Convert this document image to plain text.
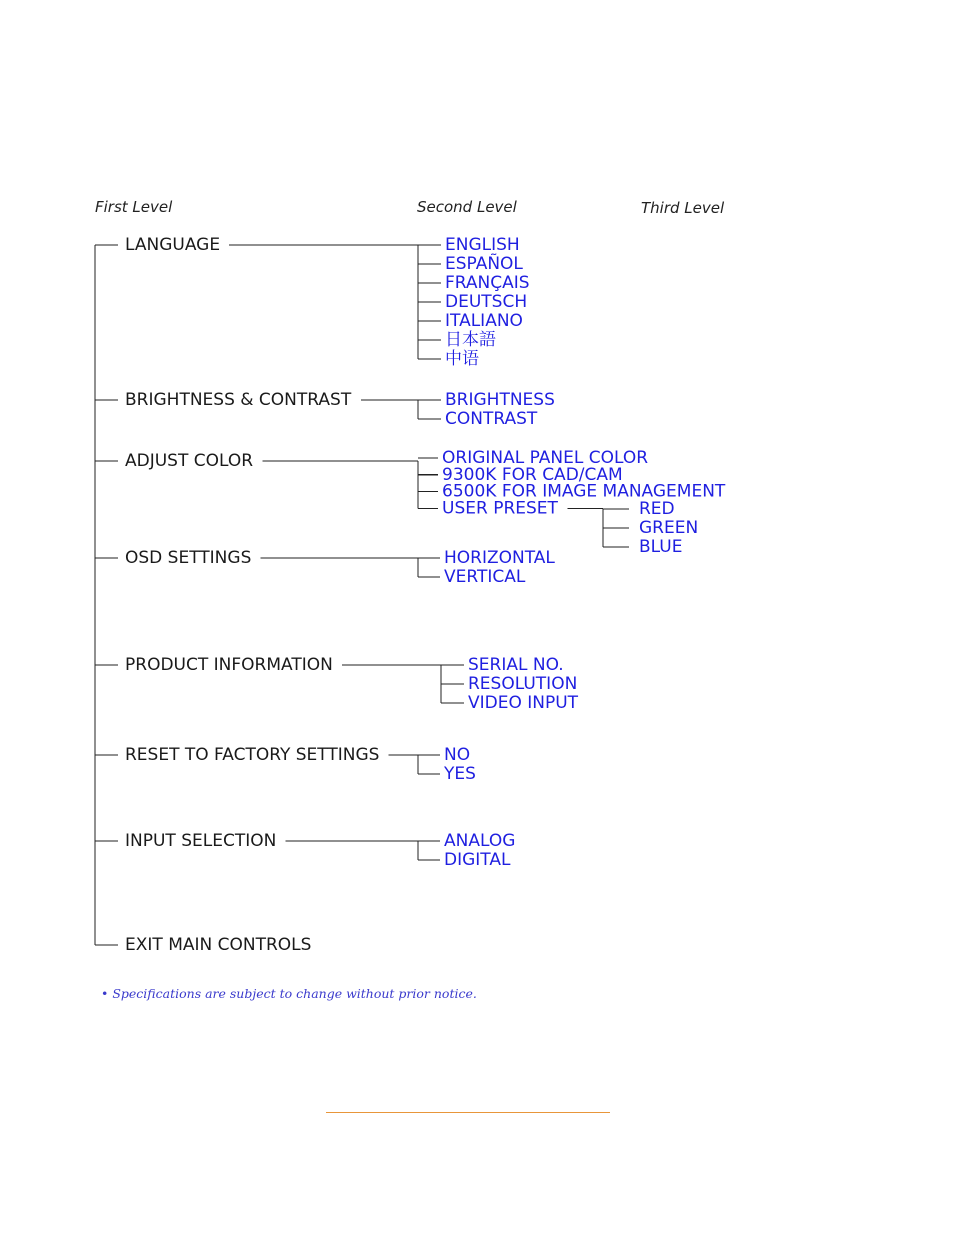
First Level	Second Level	Third Level
LANGUAGE	ENGLISH
ESPAÑOL
FRANÇAIS
DEUTSCH
ITALIANO
日本語
中语
BRIGHTNESS & CONTRAST	BRIGHTNESS
CONTRAST
ADJUST COLOR	ORIGINAL PANEL COLOR
9300K FOR CAD/CAM
6500K FOR IMAGE MANAGEMENT
USER PRESET	RED
GREEN
BLUE
OSD SETTINGS	HORIZONTAL
VERTICAL
PRODUCT INFORMATION	SERIAL NO.
RESOLUTION
VIDEO INPUT
RESET TO FACTORY SETTINGS	NO
YES
INPUT SELECTION	ANALOG
DIGITAL
EXIT MAIN CONTROLS
• Specifications are subject to change without prior notice.
